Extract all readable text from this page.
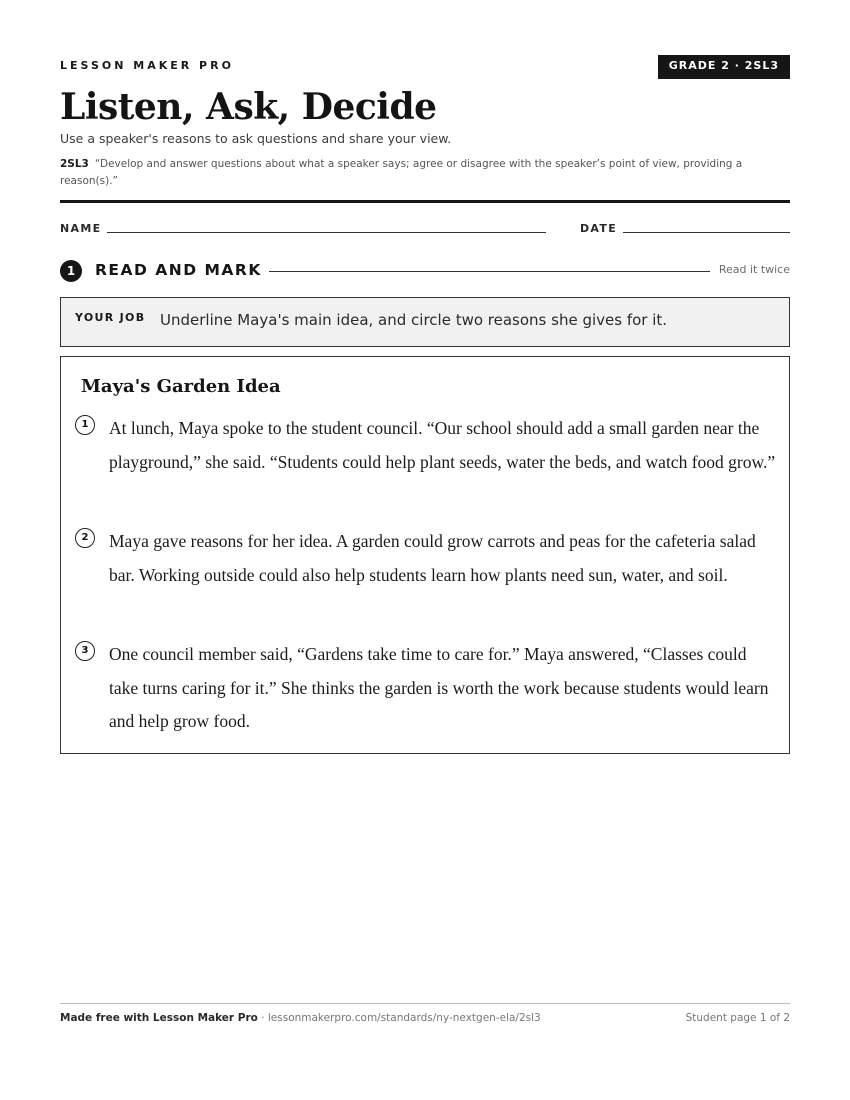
LESSON MAKER PRO	GRADE 2 · 2SL3
Listen, Ask, Decide
Use a speaker's reasons to ask questions and share your view.
2SL3 “Develop and answer questions about what a speaker says; agree or disagree with the speaker’s point of view, providing a reason(s).”
NAME	DATE
1	READ AND MARK	Read it twice
YOUR JOB Underline Maya's main idea, and circle two reasons she gives for it.
Maya's Garden Idea
1	At lunch, Maya spoke to the student council. “Our school should add a small garden near the playground,” she said. “Students could help plant seeds, water the beds, and watch food grow.”
2	Maya gave reasons for her idea. A garden could grow carrots and peas for the cafeteria salad bar. Working outside could also help students learn how plants need sun, water, and soil.
3	One council member said, “Gardens take time to care for.” Maya answered, “Classes could take turns caring for it.” She thinks the garden is worth the work because students would learn and help grow food.
Made free with Lesson Maker Pro · lessonmakerpro.com/standards/ny-nextgen-ela/2sl3	Student page 1 of 2
